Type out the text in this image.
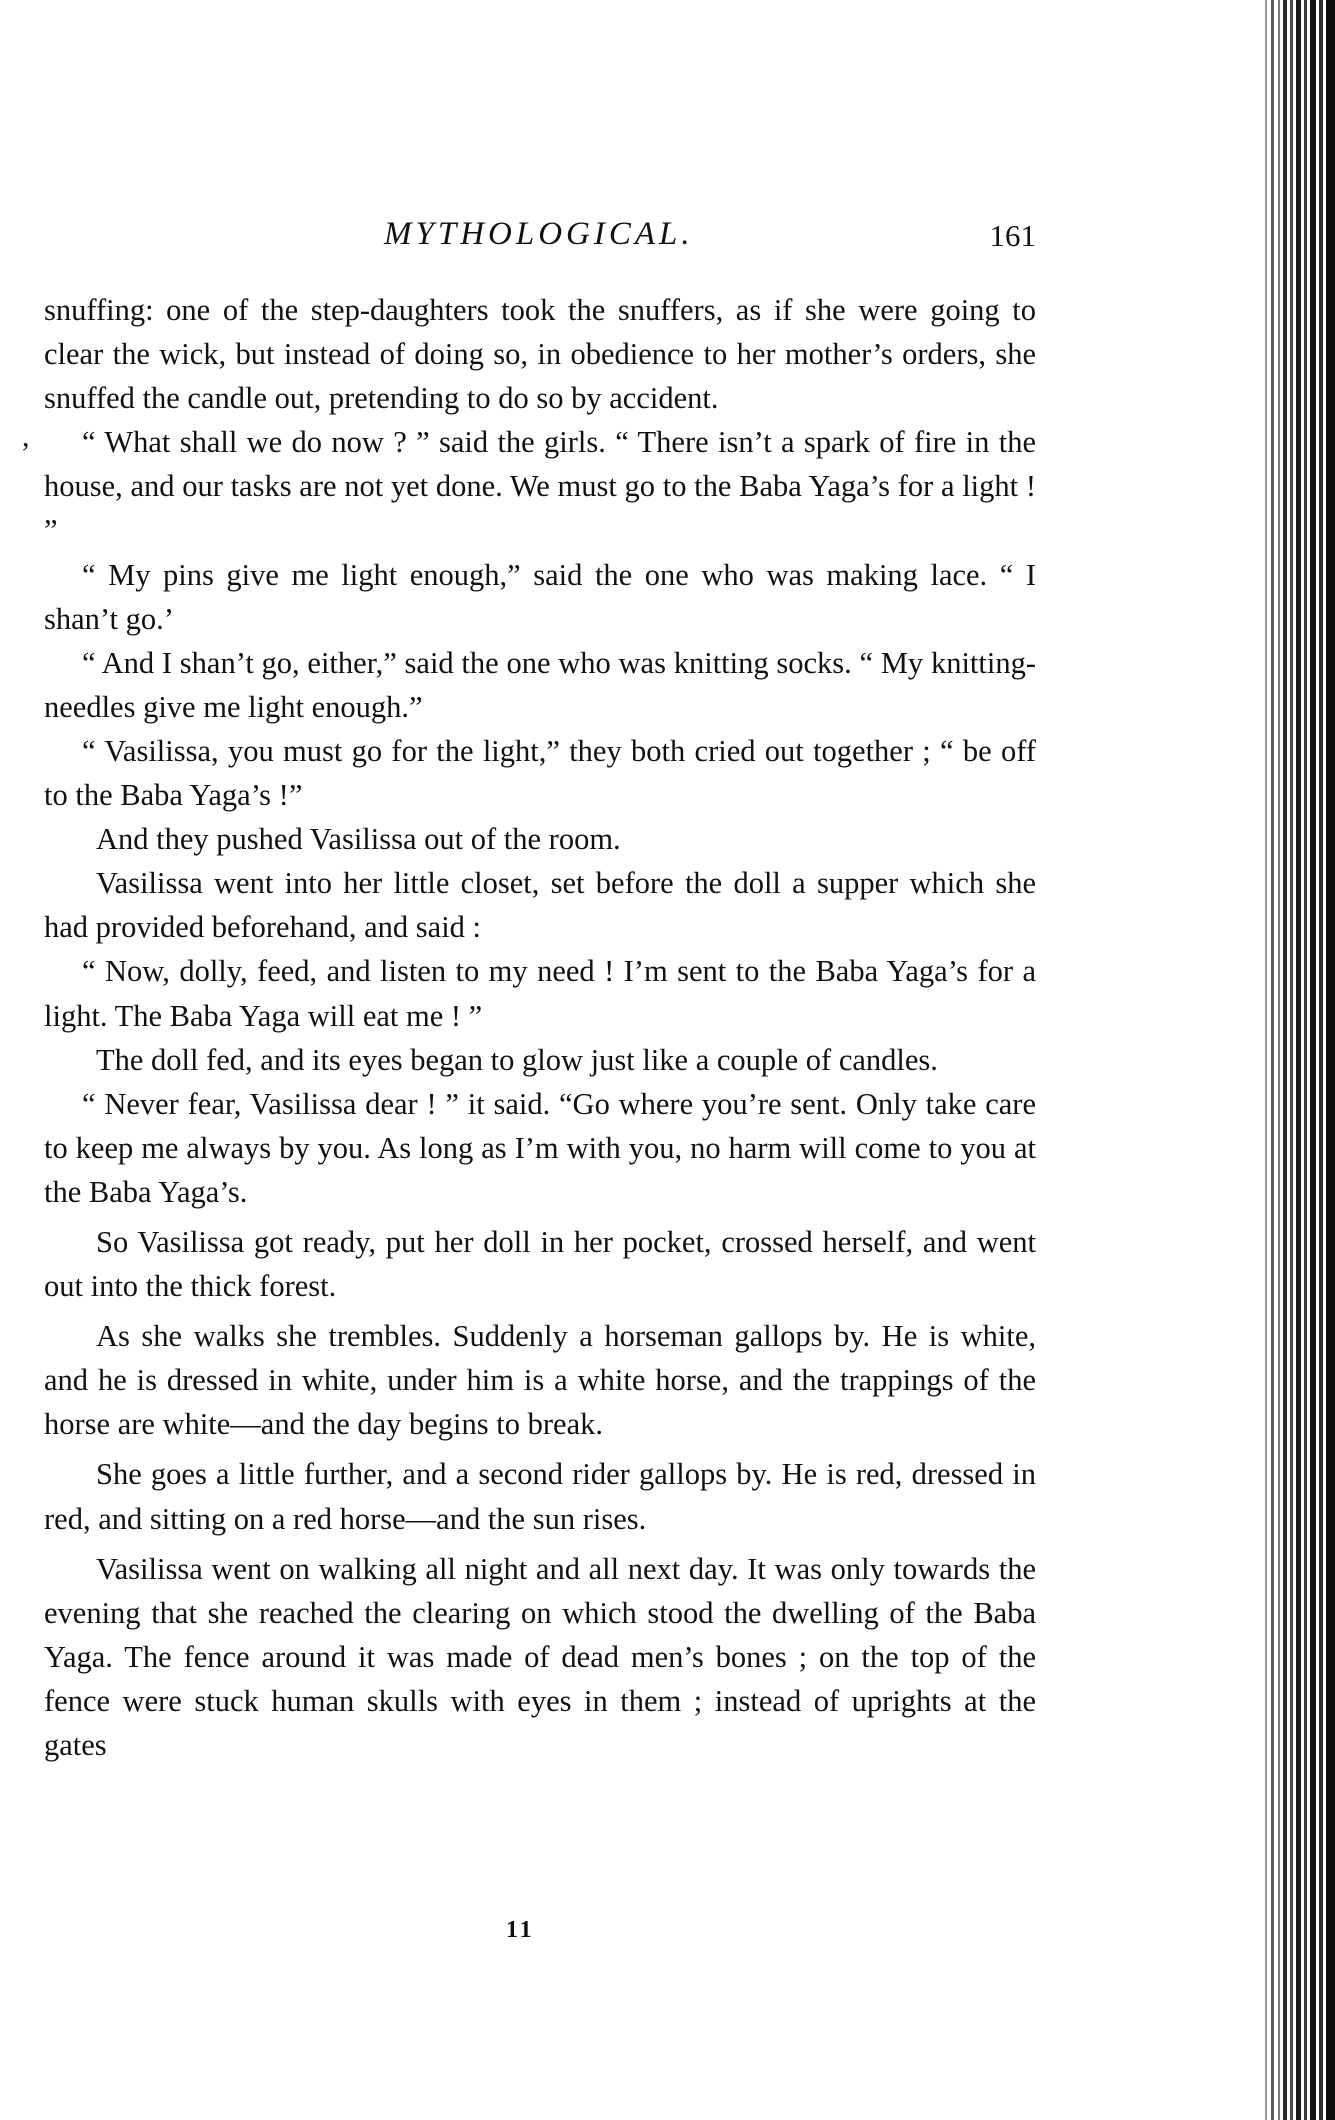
MYTHOLOGICAL.	161
,

snuffing: one of the step-daughters took the snuffers, as if she were going to clear the wick, but instead of doing so, in obedience to her mother’s orders, she snuffed the candle out, pretending to do so by accident.

“ What shall we do now ? ” said the girls. “ There isn’t a spark of fire in the house, and our tasks are not yet done. We must go to the Baba Yaga’s for a light ! ”

“ My pins give me light enough,” said the one who was making lace. “ I shan’t go.’

“ And I shan’t go, either,” said the one who was knitting socks. “ My knitting-needles give me light enough.”

“ Vasilissa, you must go for the light,” they both cried out together ; “ be off to the Baba Yaga’s !”

And they pushed Vasilissa out of the room.

Vasilissa went into her little closet, set before the doll a supper which she had provided beforehand, and said :

“ Now, dolly, feed, and listen to my need ! I’m sent to the Baba Yaga’s for a light. The Baba Yaga will eat me ! ”

The doll fed, and its eyes began to glow just like a couple of candles.

“ Never fear, Vasilissa dear ! ” it said. “Go where you’re sent. Only take care to keep me always by you. As long as I’m with you, no harm will come to you at the Baba Yaga’s.

So Vasilissa got ready, put her doll in her pocket, crossed herself, and went out into the thick forest.

As she walks she trembles. Suddenly a horseman gallops by. He is white, and he is dressed in white, under him is a white horse, and the trappings of the horse are white—and the day begins to break.

She goes a little further, and a second rider gallops by. He is red, dressed in red, and sitting on a red horse—and the sun rises.

Vasilissa went on walking all night and all next day. It was only towards the evening that she reached the clearing on which stood the dwelling of the Baba Yaga. The fence around it was made of dead men’s bones ; on the top of the fence were stuck human skulls with eyes in them ; instead of uprights at the gates

11
